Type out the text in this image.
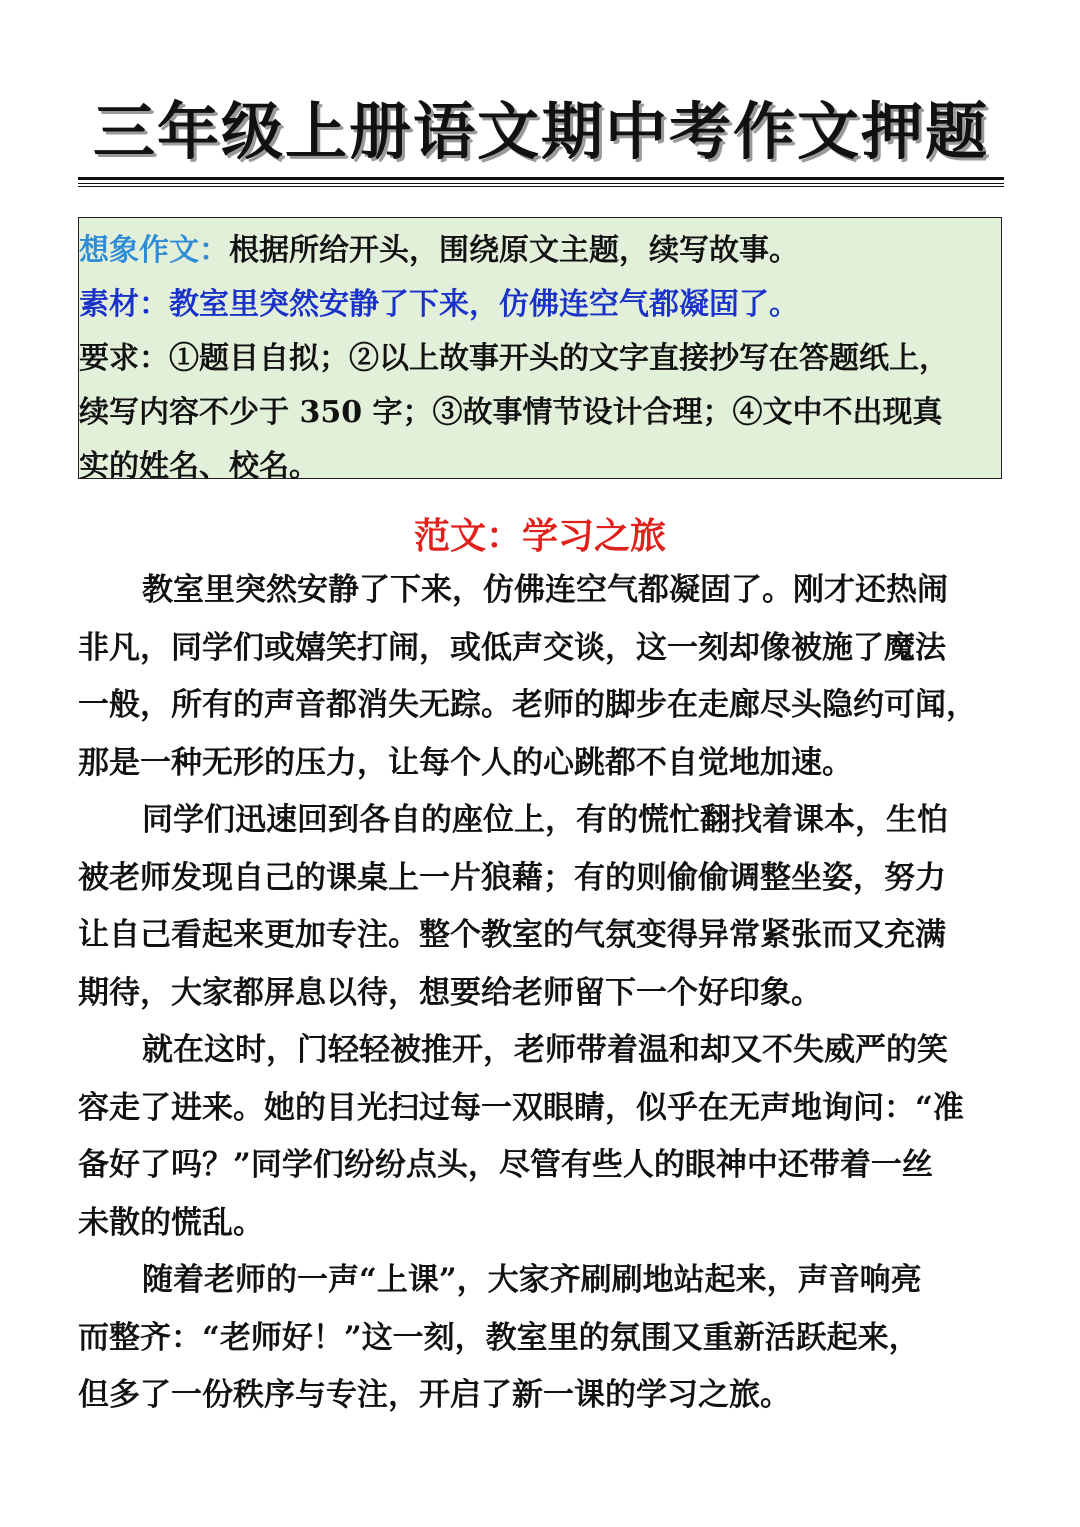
三年级上册语文期中考作文押题
想象作文：根据所给开头，围绕原文主题，续写故事。
素材：教室里突然安静了下来，仿佛连空气都凝固了。
要求：①题目自拟；②以上故事开头的文字直接抄写在答题纸上，
续写内容不少于 350 字；③故事情节设计合理；④文中不出现真
实的姓名、校名。
范文：学习之旅
教室里突然安静了下来，仿佛连空气都凝固了。刚才还热闹
非凡，同学们或嬉笑打闹，或低声交谈，这一刻却像被施了魔法
一般，所有的声音都消失无踪。老师的脚步在走廊尽头隐约可闻，
那是一种无形的压力，让每个人的心跳都不自觉地加速。
同学们迅速回到各自的座位上，有的慌忙翻找着课本，生怕
被老师发现自己的课桌上一片狼藉；有的则偷偷调整坐姿，努力
让自己看起来更加专注。整个教室的气氛变得异常紧张而又充满
期待，大家都屏息以待，想要给老师留下一个好印象。
就在这时，门轻轻被推开，老师带着温和却又不失威严的笑
容走了进来。她的目光扫过每一双眼睛，似乎在无声地询问：“准
备好了吗？”同学们纷纷点头，尽管有些人的眼神中还带着一丝
未散的慌乱。
随着老师的一声“上课”，大家齐刷刷地站起来，声音响亮
而整齐：“老师好！”这一刻，教室里的氛围又重新活跃起来，
但多了一份秩序与专注，开启了新一课的学习之旅。
